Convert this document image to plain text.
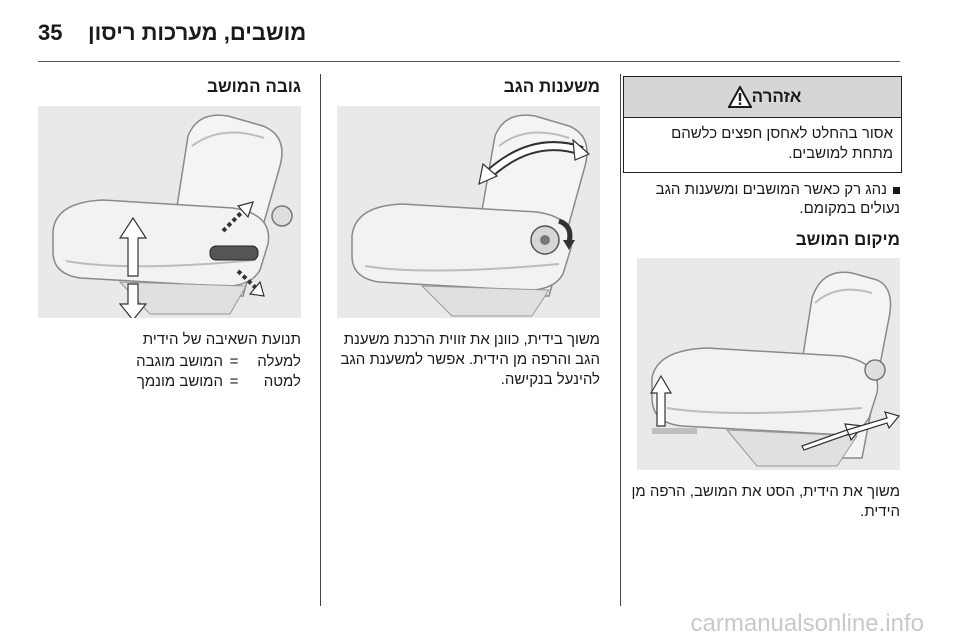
35 מושבים, מערכות ריסון
אזהרה
אסור בהחלט לאחסן חפצים כלשהם מתחת למושבים.
נהג רק כאשר המושבים ומשענות הגב נעולים במקומם.
מיקום המושב
משוך את הידית, הסט את המושב, הרפה מן הידית.
משענות הגב
משוך בידית, כוונן את זווית הרכנת משענת הגב והרפה מן הידית. אפשר למשענת הגב להינעל בנקישה.
גובה המושב
תנועת השאיבה של הידית
למעלה
=
המושב מוגבה
למטה
=
המושב מונמך
carmanualsonline.info
